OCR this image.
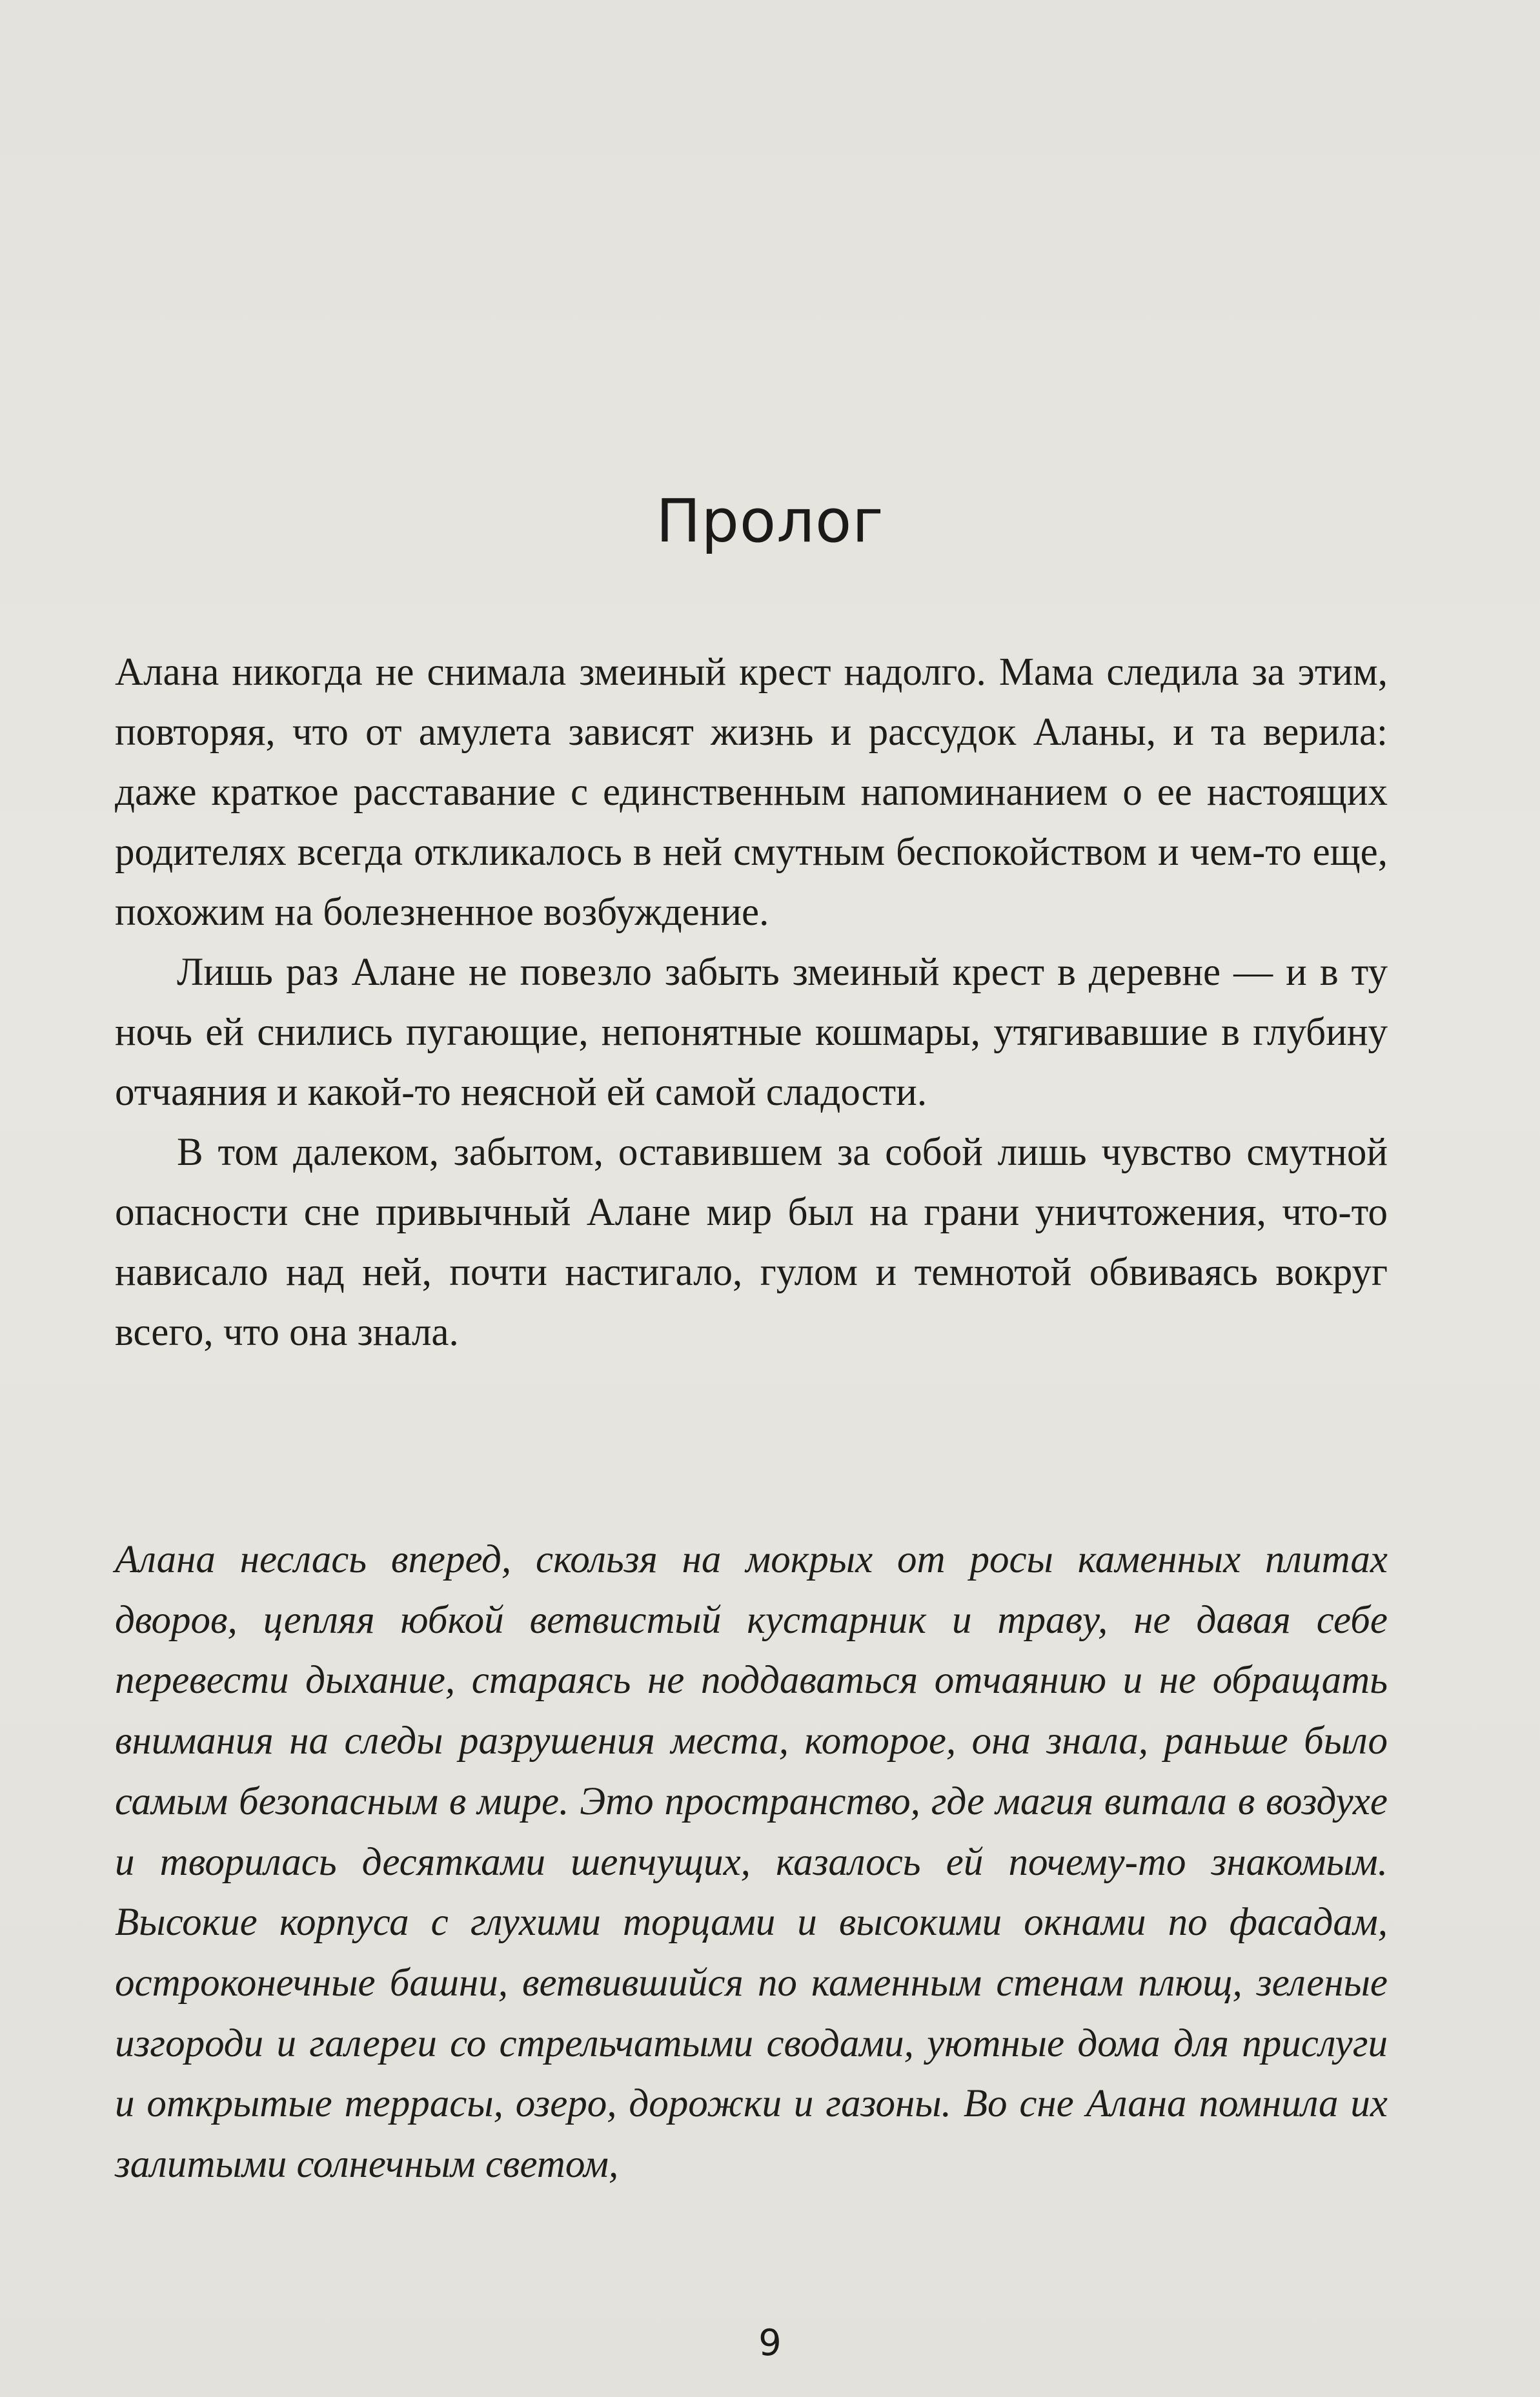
Пролог

Алана никогда не снимала змеиный крест надолго. Мама следила за этим, повторяя, что от амулета зависят жизнь и рассудок Аланы, и та верила: даже краткое расставание с единственным напоминанием о ее настоящих родителях всегда откликалось в ней смутным беспокойством и чем-то еще, похожим на болезненное возбуждение.

Лишь раз Алане не повезло забыть змеиный крест в деревне — и в ту ночь ей снились пугающие, непонятные кошмары, утягивавшие в глубину отчаяния и какой-то неясной ей самой сладости.

В том далеком, забытом, оставившем за собой лишь чувство смутной опасности сне привычный Алане мир был на грани уничтожения, что-то нависало над ней, почти настигало, гулом и темнотой обвиваясь вокруг всего, что она знала.

Алана неслась вперед, скользя на мокрых от росы каменных плитах дворов, цепляя юбкой ветвистый кустарник и траву, не давая себе перевести дыхание, стараясь не поддаваться отчаянию и не обращать внимания на следы разрушения места, которое, она знала, раньше было самым безопасным в мире. Это пространство, где магия витала в воздухе и творилась десятками шепчущих, казалось ей почему-то знакомым. Высокие корпуса с глухими торцами и высокими окнами по фасадам, остроконечные башни, ветвившийся по каменным стенам плющ, зеленые изгороди и галереи со стрельчатыми сводами, уютные дома для прислуги и открытые террасы, озеро, дорожки и газоны. Во сне Алана помнила их залитыми солнечным светом,

9
